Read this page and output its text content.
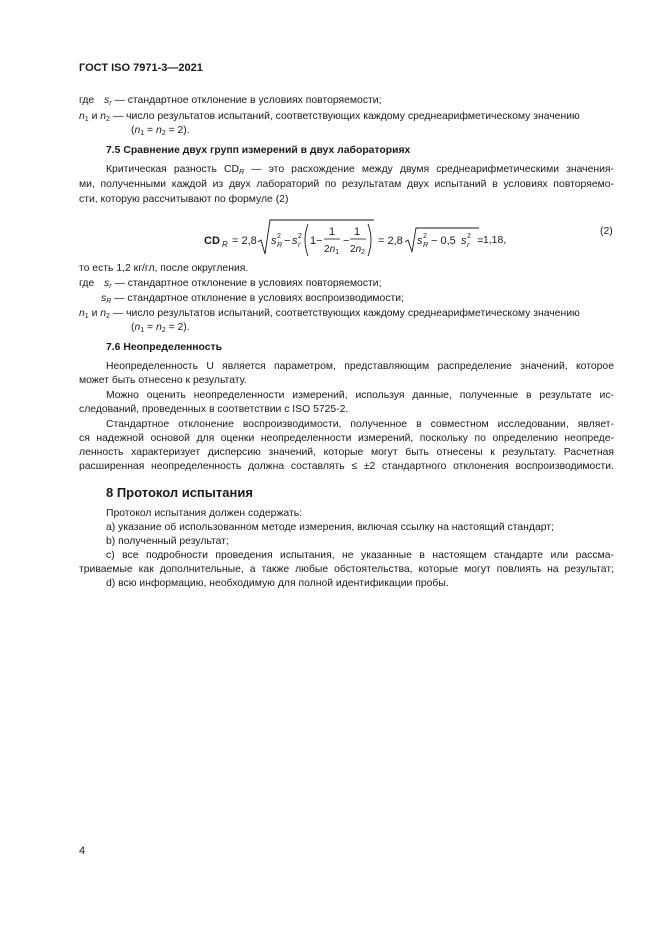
ГОСТ ISO 7971-3—2021
где $s_r$ — стандартное отклонение в условиях повторяемости;
$n_1$ и $n_2$ — число результатов испытаний, соответствующих каждому среднеарифметическому значению
$(n_1 = n_2 = 2)$.
7.5 Сравнение двух групп измерений в двух лабораториях
Критическая разность $CD_R$ — это расхождение между двумя среднеарифметическими значения-
ми, полученными каждой из двух лабораторий по результатам двух испытаний в условиях повторяемо-
сти, которую рассчитывают по формуле (2)
CD R = 2,8 s 2
R − s 2
r 1−
1
$2n_1$
−
1
$2n_2$
= 2,8 s 2
R − 0,5 s 2
r = 1,18,
(2)
то есть 1,2 кг/гл, после округления.
где $s_r$ — стандартное отклонение в условиях повторяемости;
$s_R$ — стандартное отклонение в условиях воспроизводимости;
$n_1$ и $n_2$ — число результатов испытаний, соответствующих каждому среднеарифметическому значению
$(n_1 = n_2 = 2)$.
7.6 Неопределенность
Неопределенность U является параметром, представляющим распределение значений, которое
может быть отнесено к результату.
Можно оценить неопределенности измерений, используя данные, полученные в результате ис-
следований, проведенных в соответствии с ISO 5725-2.
Стандартное отклонение воспроизводимости, полученное в совместном исследовании, являет-
ся надежной основой для оценки неопределенности измерений, поскольку по определению неопреде-
ленность характеризует дисперсию значений, которые могут быть отнесены к результату. Расчетная
расширенная неопределенность должна составлять ≤ ±2 стандартного отклонения воспроизводимости.
8 Протокол испытания
Протокол испытания должен содержать:
a) указание об использованном методе измерения, включая ссылку на настоящий стандарт;
b) полученный результат;
c) все подробности проведения испытания, не указанные в настоящем стандарте или рассма-
триваемые как дополнительные, а также любые обстоятельства, которые могут повлиять на результат;
d) всю информацию, необходимую для полной идентификации пробы.
4
